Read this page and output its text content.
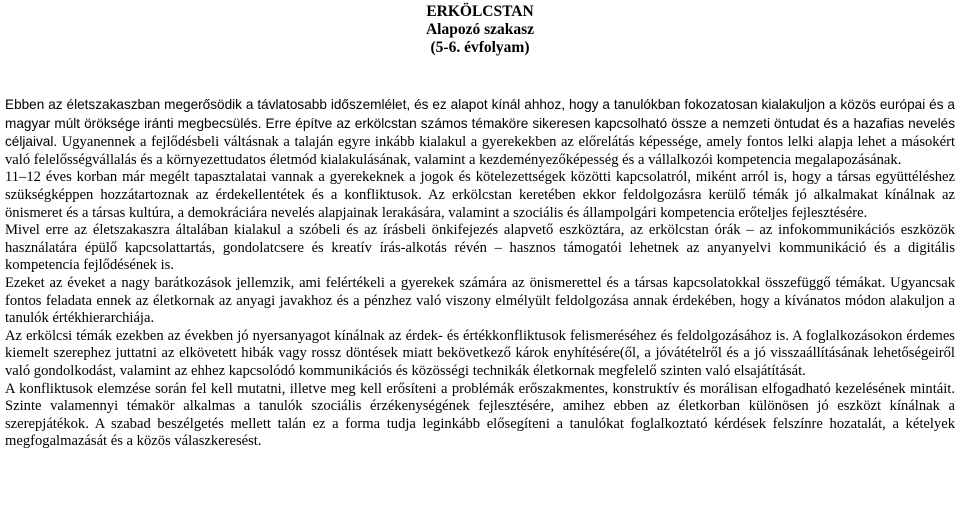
ERKÖLCSTAN
Alapozó szakasz
(5-6. évfolyam)

Ebben az életszakaszban megerősödik a távlatosabb időszemlélet, és ez alapot kínál ahhoz, hogy a tanulókban fokozatosan kialakuljon a közös európai és a magyar múlt öröksége iránti megbecsülés. Erre építve az erkölcstan számos témaköre sikeresen kapcsolható össze a nemzeti öntudat és a hazafias nevelés céljaival. Ugyanennek a fejlődésbeli váltásnak a talaján egyre inkább kialakul a gyerekekben az előrelátás képessége, amely fontos lelki alapja lehet a másokért való felelősségvállalás és a környezettudatos életmód kialakulásának, valamint a kezdeményezőképesség és a vállalkozói kompetencia megalapozásának.

11–12 éves korban már megélt tapasztalatai vannak a gyerekeknek a jogok és kötelezettségek közötti kapcsolatról, miként arról is, hogy a társas együttéléshez szükségképpen hozzátartoznak az érdekellentétek és a konfliktusok. Az erkölcstan keretében ekkor feldolgozásra kerülő témák jó alkalmakat kínálnak az önismeret és a társas kultúra, a demokráciára nevelés alapjainak lerakására, valamint a szociális és állampolgári kompetencia erőteljes fejlesztésére.

Mivel erre az életszakaszra általában kialakul a szóbeli és az írásbeli önkifejezés alapvető eszköztára, az erkölcstan órák – az infokommunikációs eszközök használatára épülő kapcsolattartás, gondolatcsere és kreatív írás-alkotás révén – hasznos támogatói lehetnek az anyanyelvi kommunikáció és a digitális kompetencia fejlődésének is.

Ezeket az éveket a nagy barátkozások jellemzik, ami felértékeli a gyerekek számára az önismerettel és a társas kapcsolatokkal összefüggő témákat. Ugyancsak fontos feladata ennek az életkornak az anyagi javakhoz és a pénzhez való viszony elmélyült feldolgozása annak érdekében, hogy a kívánatos módon alakuljon a tanulók értékhierarchiája.

Az erkölcsi témák ezekben az években jó nyersanyagot kínálnak az érdek- és értékkonfliktusok felismeréséhez és feldolgozásához is. A foglalkozásokon érdemes kiemelt szerephez juttatni az elkövetett hibák vagy rossz döntések miatt bekövetkező károk enyhítésére(ől, a jóvátételről és a jó visszaállításának lehetőségeiről való gondolkodást, valamint az ehhez kapcsolódó kommunikációs és közösségi technikák életkornak megfelelő szinten való elsajátítását.

A konfliktusok elemzése során fel kell mutatni, illetve meg kell erősíteni a problémák erőszakmentes, konstruktív és morálisan elfogadható kezelésének mintáit. Szinte valamennyi témakör alkalmas a tanulók szociális érzékenységének fejlesztésére, amihez ebben az életkorban különösen jó eszközt kínálnak a szerepjátékok. A szabad beszélgetés mellett talán ez a forma tudja leginkább elősegíteni a tanulókat foglalkoztató kérdések felszínre hozatalát, a kételyek megfogalmazását és a közös válaszkeresést.
